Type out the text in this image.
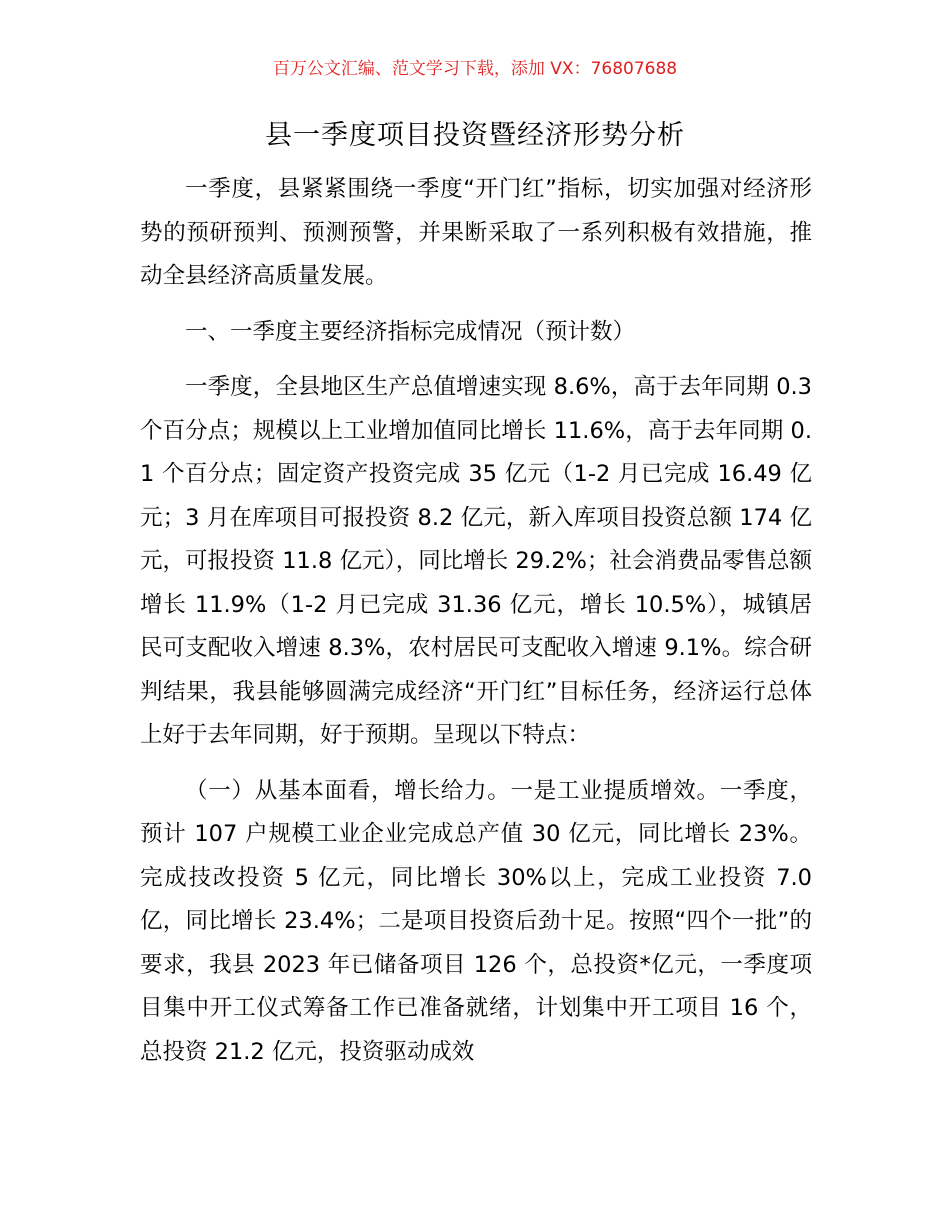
百万公文汇编、范文学习下载，添加 VX：76807688
县一季度项目投资暨经济形势分析

一季度，县紧紧围绕一季度“开门红”指标，切实加强对经济形势的预研预判、预测预警，并果断采取了一系列积极有效措施，推动全县经济高质量发展。

一、一季度主要经济指标完成情况（预计数）

一季度，全县地区生产总值增速实现 8.6%，高于去年同期 0.3 个百分点；规模以上工业增加值同比增长 11.6%，高于去年同期 0.1 个百分点；固定资产投资完成 35 亿元（1-2 月已完成 16.49 亿元；3 月在库项目可报投资 8.2 亿元，新入库项目投资总额 174 亿元，可报投资 11.8 亿元），同比增长 29.2%；社会消费品零售总额增长 11.9%（1-2 月已完成 31.36 亿元，增长 10.5%），城镇居民可支配收入增速 8.3%，农村居民可支配收入增速 9.1%。综合研判结果，我县能够圆满完成经济“开门红”目标任务，经济运行总体上好于去年同期，好于预期。呈现以下特点：

（一）从基本面看，增长给力。一是工业提质增效。一季度，预计 107 户规模工业企业完成总产值 30 亿元，同比增长 23%。完成技改投资 5 亿元，同比增长 30%以上，完成工业投资 7.0 亿，同比增长 23.4%；二是项目投资后劲十足。按照“四个一批”的要求，我县 2023 年已储备项目 126 个，总投资*亿元，一季度项目集中开工仪式筹备工作已准备就绪，计划集中开工项目 16 个，总投资 21.2 亿元，投资驱动成效
